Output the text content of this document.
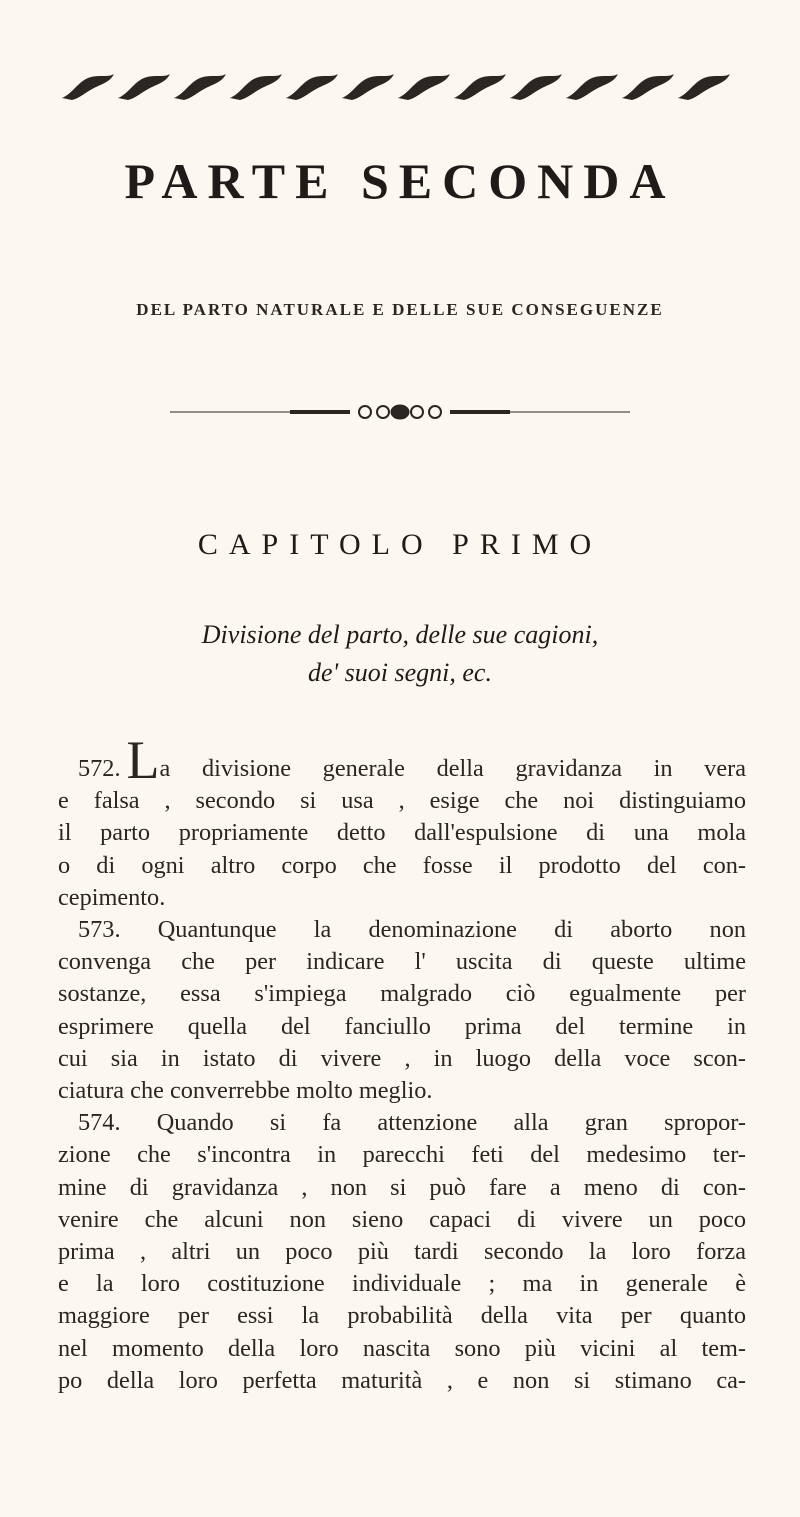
PARTE SECONDA
DEL PARTO NATURALE E DELLE SUE CONSEGUENZE
CAPITOLO PRIMO
Divisione del parto, delle sue cagioni,
de' suoi segni, ec.
572. La divisione generale della gravidanza in vera
e falsa , secondo si usa , esige che noi distinguiamo
il parto propriamente detto dall'espulsione di una mola
o di ogni altro corpo che fosse il prodotto del con-
cepimento.
573. Quantunque la denominazione di aborto non
convenga che per indicare l' uscita di queste ultime
sostanze, essa s'impiega malgrado ciò egualmente per
esprimere quella del fanciullo prima del termine in
cui sia in istato di vivere , in luogo della voce scon-
ciatura che converrebbe molto meglio.
574. Quando si fa attenzione alla gran spropor-
zione che s'incontra in parecchi feti del medesimo ter-
mine di gravidanza , non si può fare a meno di con-
venire che alcuni non sieno capaci di vivere un poco
prima , altri un poco più tardi secondo la loro forza
e la loro costituzione individuale ; ma in generale è
maggiore per essi la probabilità della vita per quanto
nel momento della loro nascita sono più vicini al tem-
po della loro perfetta maturità , e non si stimano ca-
